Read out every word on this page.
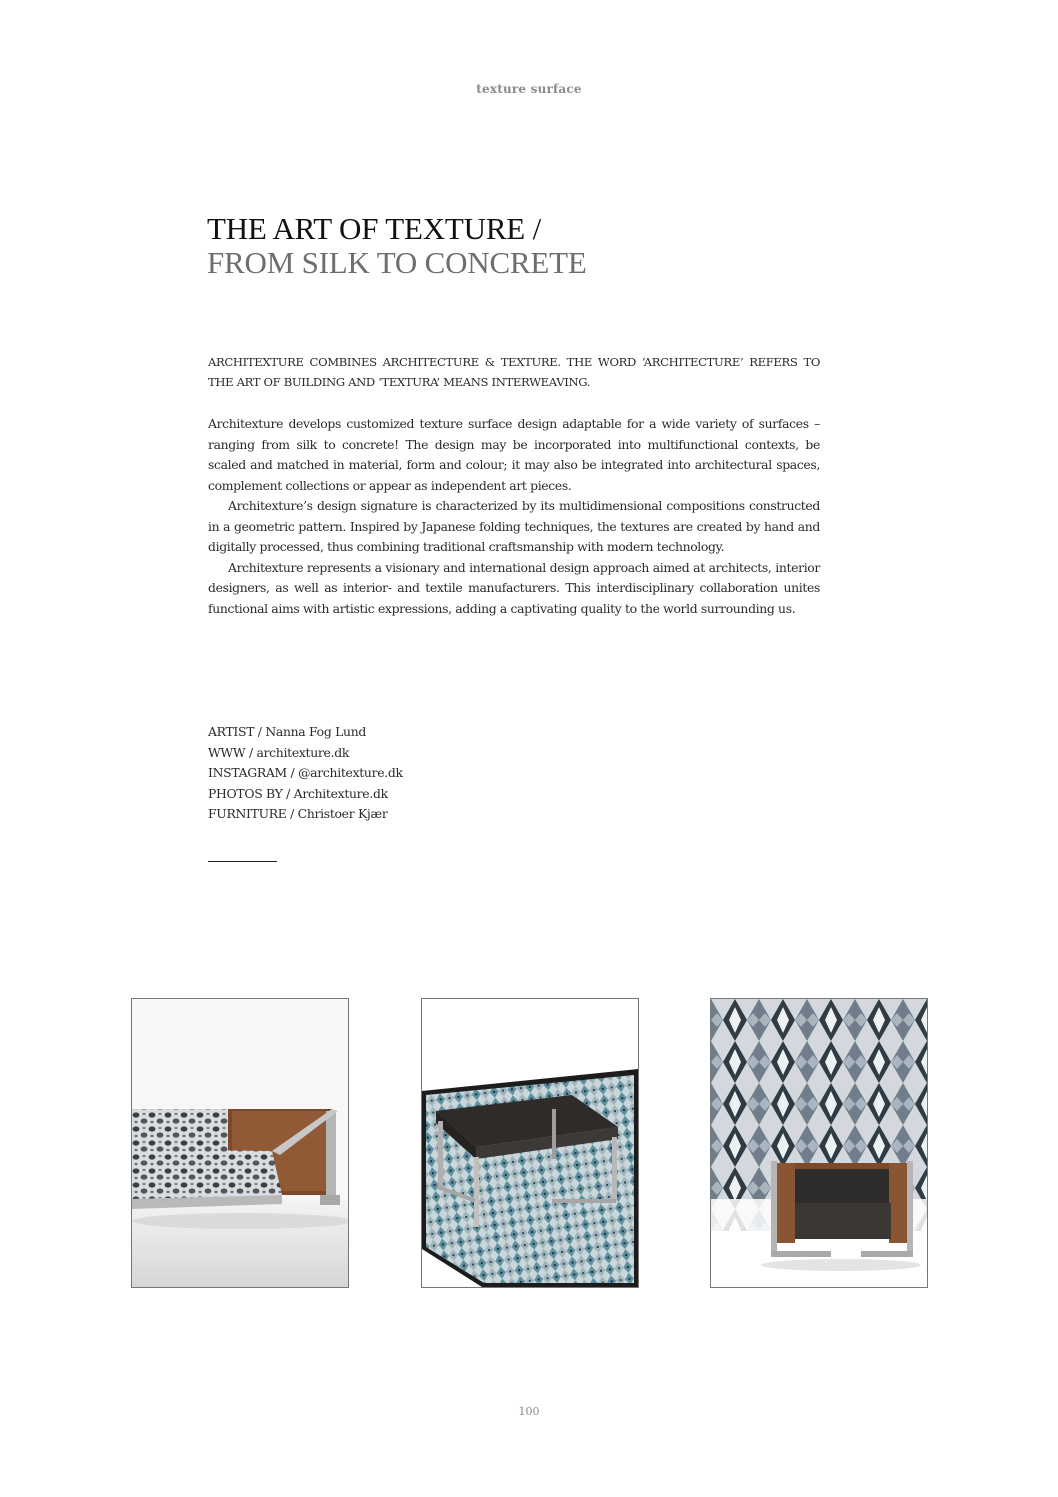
texture surface
THE ART OF TEXTURE /
FROM SILK TO CONCRETE
ARCHITEXTURE COMBINES ARCHITECTURE & TEXTURE. THE WORD ‘ARCHITECTURE’ REFERS TO THE ART OF BUILDING AND ‘TEXTURA’ MEANS INTERWEAVING.

Architexture develops customized texture surface design adaptable for a wide variety of surfaces – ranging from silk to concrete! The design may be incorporated into multifunctional contexts, be scaled and matched in material, form and colour; it may also be integrated into architectural spaces, complement collections or appear as independent art pieces.

Architexture’s design signature is characterized by its multidimensional compositions constructed in a geometric pattern. Inspired by Japanese folding techniques, the textures are created by hand and digitally processed, thus combining traditional craftsmanship with modern technology.

Architexture represents a visionary and international design approach aimed at architects, interior designers, as well as interior- and textile manufacturers. This interdisciplinary collaboration unites functional aims with artistic expressions, adding a captivating quality to the world surrounding us.

ARTIST / Nanna Fog Lund
WWW / architexture.dk
INSTAGRAM / @architexture.dk
PHOTOS BY / Architexture.dk
FURNITURE / Christoer Kjær
100
